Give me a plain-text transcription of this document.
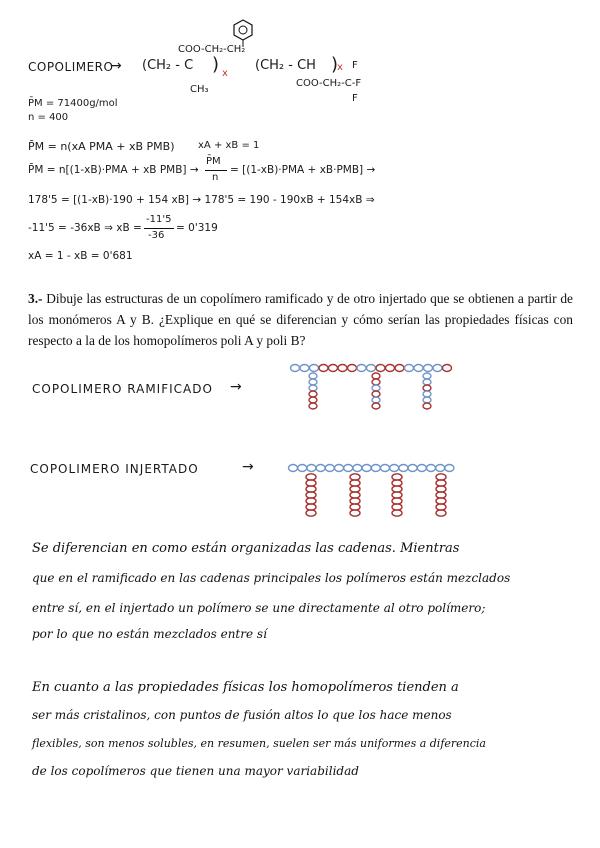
COPOLIMERO
→ (CH₂ - C
COO-CH₂-CH₂
CH₃
) x
(CH₂ - CH )
x F
COO-CH₂-C-F
F
P̄M = 71400g/mol
n = 400
P̄M = n(xA PMA + xB PMB) xA + xB = 1
P̄M = n[(1-xB)·PMA + xB PMB] →
P̄M
n
= [(1-xB)·PMA + xB·PMB] →
178'5 = [(1-xB)·190 + 154 xB] → 178'5 = 190 - 190xB + 154xB ⇒
-11'5 = -36xB ⇒ xB =
-11'5
-36
= 0'319
xA = 1 - xB = 0'681
3.- Dibuje las estructuras de un copolímero ramificado y de otro injertado que se obtienen a partir de los monómeros A y B. ¿Explique en qué se diferencian y cómo serían las propiedades físicas con respecto a la de los homopolímeros poli A y poli B?
COPOLIMERO RAMIFICADO →
COPOLIMERO INJERTADO	→
Se diferencian en como están organizadas las cadenas. Mientras
que en el ramificado en las cadenas principales los polímeros están mezclados
entre sí, en el injertado un polímero se une directamente al otro polímero;
por lo que no están mezclados entre sí
En cuanto a las propiedades físicas los homopolímeros tienden a
ser más cristalinos, con puntos de fusión altos lo que los hace menos
flexibles, son menos solubles, en resumen, suelen ser más uniformes a diferencia
de los copolímeros que tienen una mayor variabilidad
